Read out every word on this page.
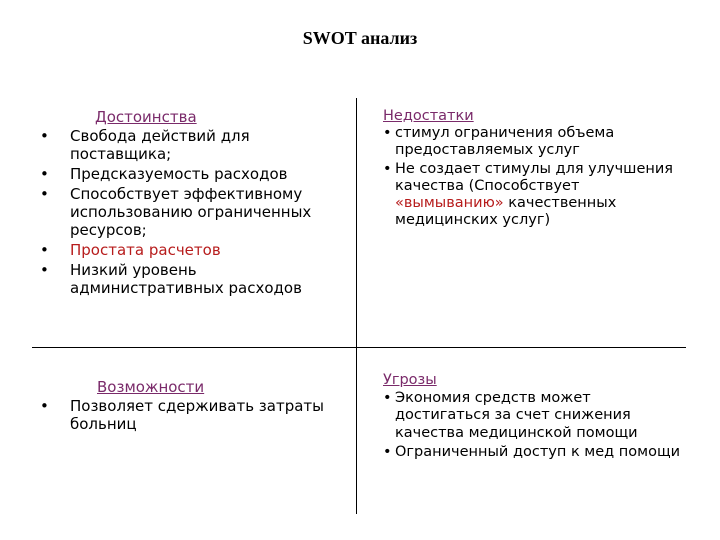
SWOT анализ
Достоинства
• Свобода действий для поставщика;
• Предсказуемость расходов
• Способствует эффективному использованию ограниченных ресурсов;
• Простата расчетов
• Низкий уровень административных расходов
Недостатки
• стимул ограничения объема предоставляемых услуг
• Не создает стимулы для улучшения качества (Способствует «вымыванию» качественных медицинских услуг)
Возможности
• Позволяет сдерживать затраты больниц
Угрозы
• Экономия средств может достигаться за счет снижения качества медицинской помощи
• Ограниченный доступ к мед помощи
